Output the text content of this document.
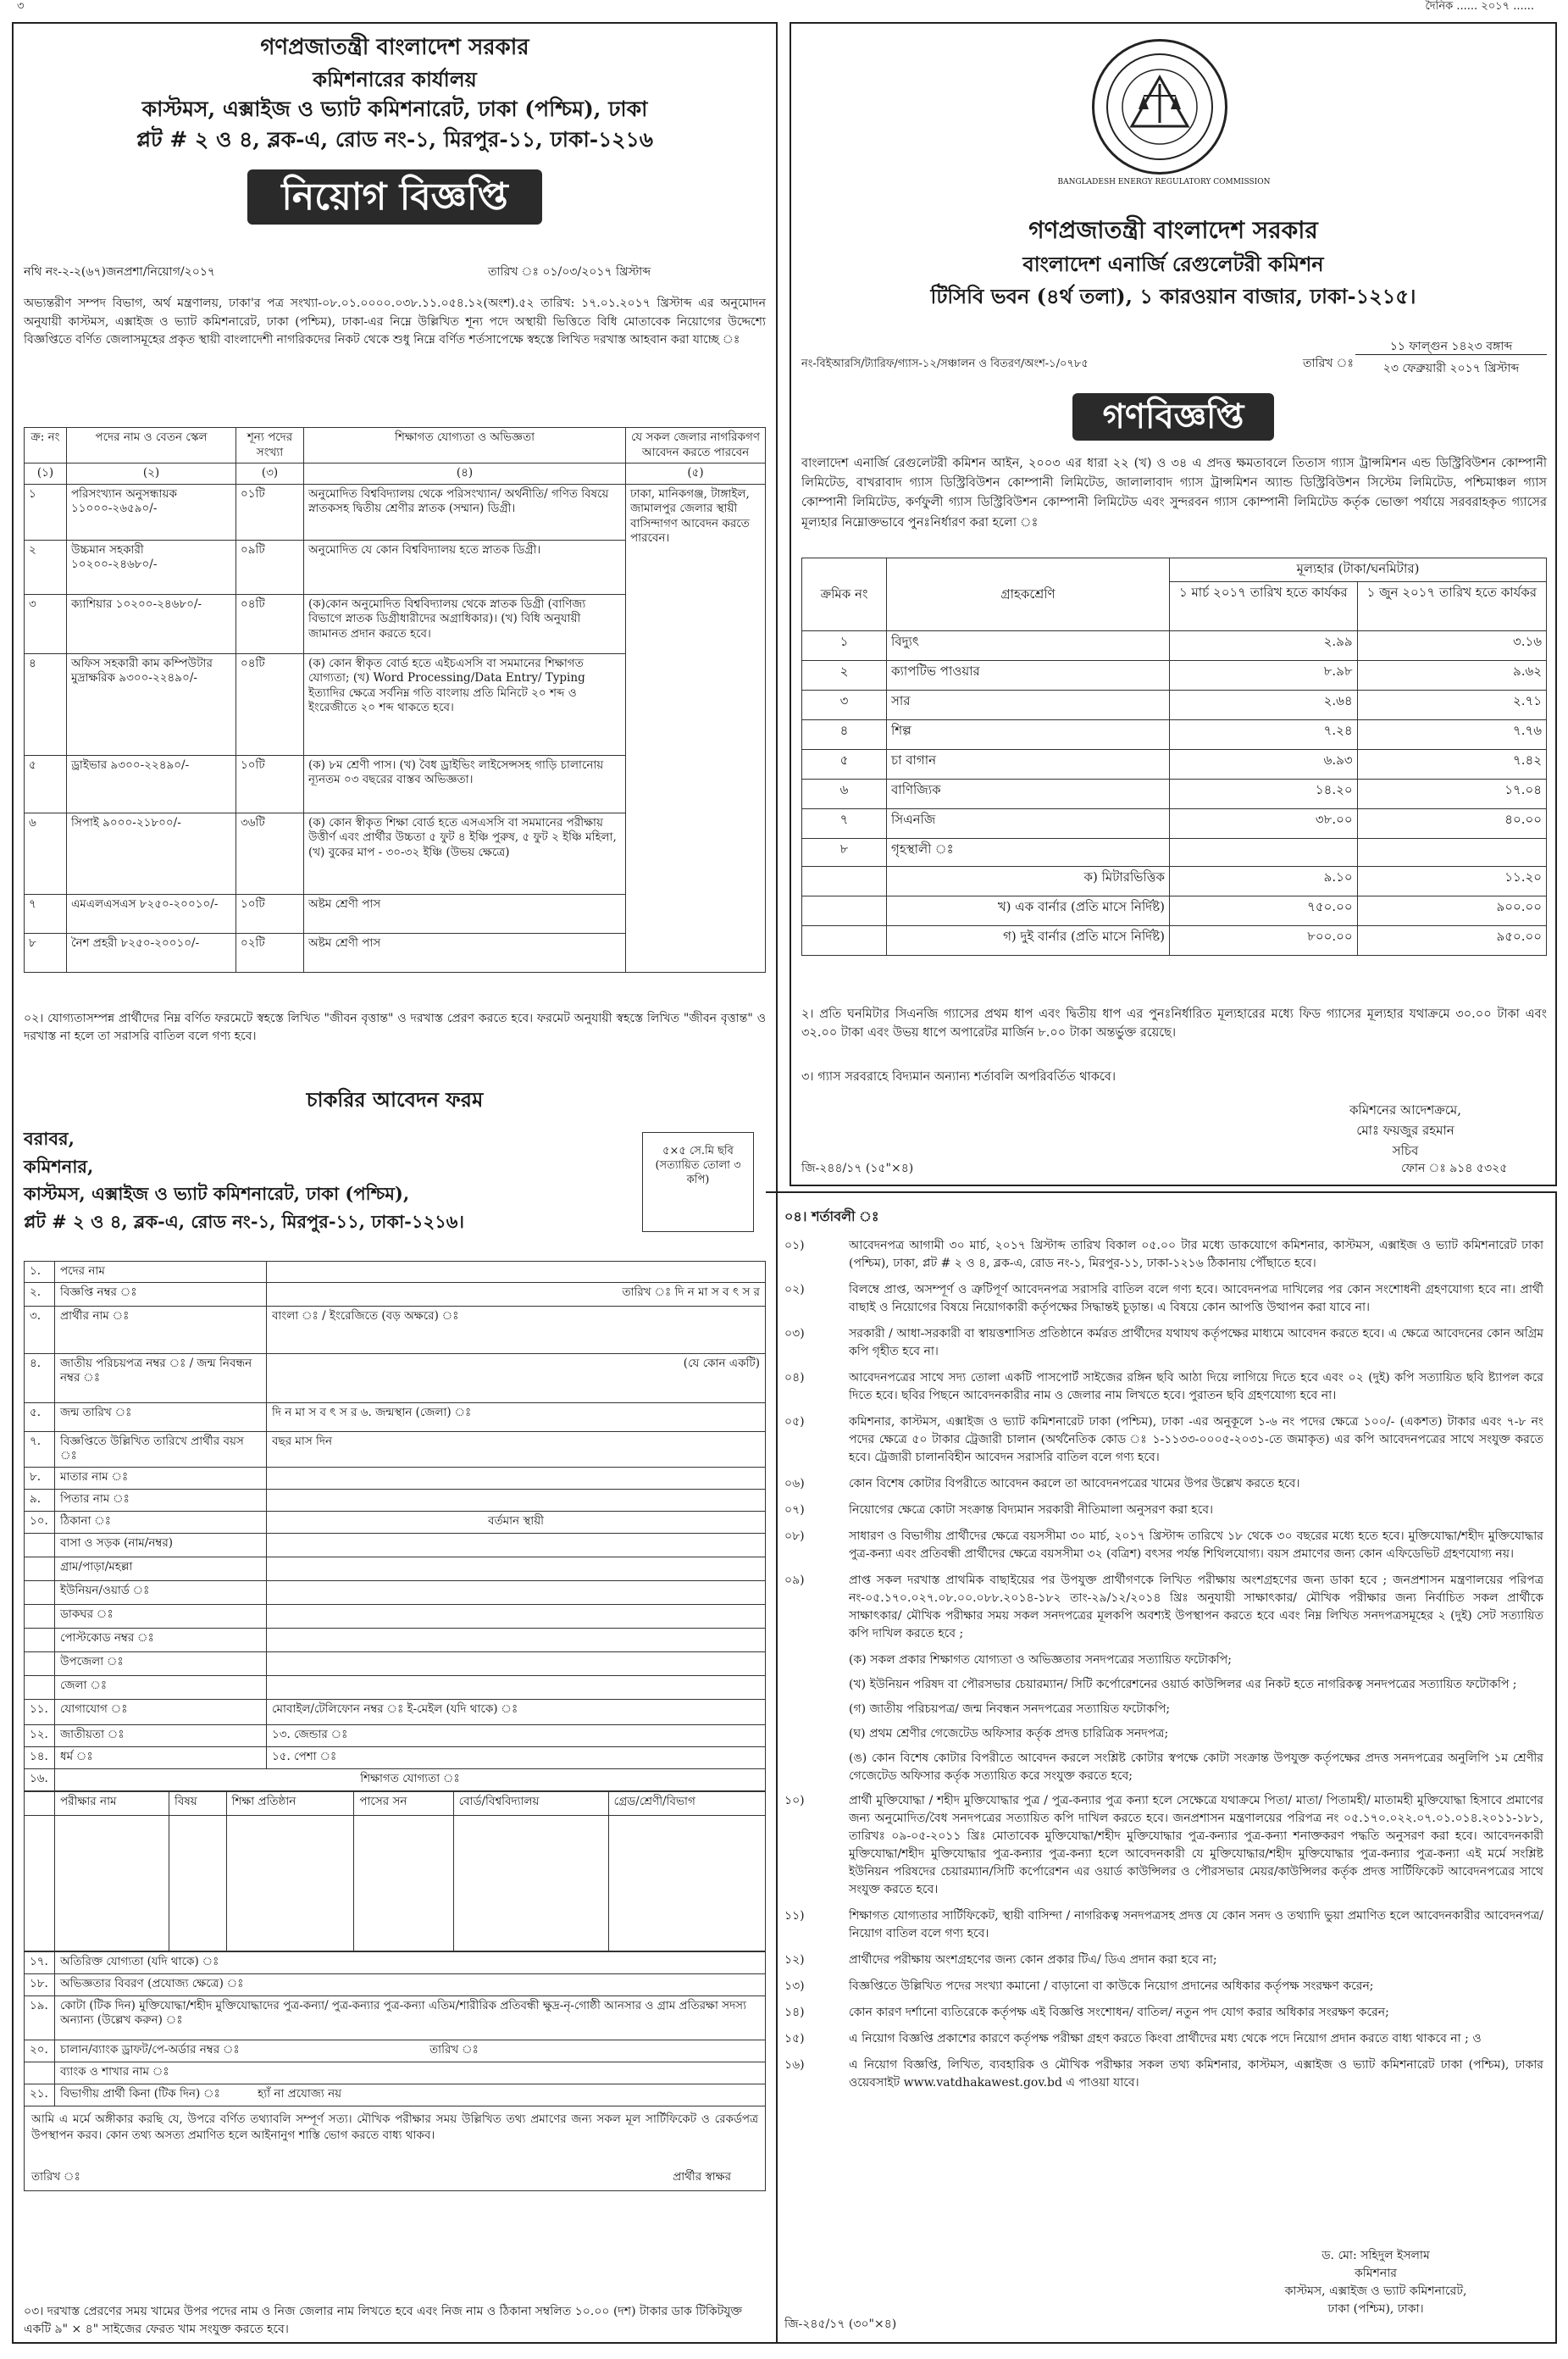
৩	দৈনিক ...... ২০১৭ ......
গণপ্রজাতন্ত্রী বাংলাদেশ সরকার
কমিশনারের কার্যালয়
কাস্টমস, এক্সাইজ ও ভ্যাট কমিশনারেট, ঢাকা (পশ্চিম), ঢাকা
প্লট # ২ ও ৪, ব্লক-এ, রোড নং-১, মিরপুর-১১, ঢাকা-১২১৬
নিয়োগ বিজ্ঞপ্তি
নথি নং-২-২(৬৭)জনপ্রশা/নিয়োগ/২০১৭	তারিখ ঃ ০১/০৩/২০১৭ খ্রিস্টাব্দ
অভ্যন্তরীণ সম্পদ বিভাগ, অর্থ মন্ত্রণালয়, ঢাকা'র পত্র সংখ্যা-০৮.০১.০০০০.০৩৮.১১.০৫৪.১২(অংশ).৫২ তারিখ: ১৭.০১.২০১৭ খ্রিস্টাব্দ এর অনুমোদন অনুযায়ী কাস্টমস, এক্সাইজ ও ভ্যাট কমিশনারেট, ঢাকা (পশ্চিম), ঢাকা-এর নিম্নে উল্লিখিত শূন্য পদে অস্থায়ী ভিত্তিতে বিধি মোতাবেক নিয়োগের উদ্দেশ্যে বিজ্ঞপ্তিতে বর্ণিত জেলাসমূহের প্রকৃত স্থায়ী বাংলাদেশী নাগরিকদের নিকট থেকে শুধু নিম্নে বর্ণিত শর্তসাপেক্ষে স্বহস্তে লিখিত দরখাস্ত আহবান করা যাচ্ছে ঃ
ক্র: নং	পদের নাম ও বেতন স্কেল	শূন্য পদের সংখ্যা	শিক্ষাগত যোগ্যতা ও অভিজ্ঞতা	যে সকল জেলার নাগরিকগণ আবেদন করতে পারবেন
(১)	(২)	(৩)	(৪)	(৫)
১	পরিসংখ্যান অনুসন্ধায়ক ১১০০০-২৬৫৯০/-	০১টি	অনুমোদিত বিশ্ববিদ্যালয় থেকে পরিসংখ্যান/ অর্থনীতি/ গণিত বিষয়ে স্নাতকসহ দ্বিতীয় শ্রেণীর স্নাতক (সম্মান) ডিগ্রী।	ঢাকা, মানিকগঞ্জ, টাঙ্গাইল, জামালপুর জেলার স্থায়ী বাসিন্দাগণ আবেদন করতে পারবেন।
২	উচ্চমান সহকারী ১০২০০-২৪৬৮০/-	০৯টি	অনুমোদিত যে কোন বিশ্ববিদ্যালয় হতে স্নাতক ডিগ্রী।	
৩	ক্যাশিয়ার ১০২০০-২৪৬৮০/-	০৪টি	(ক)কোন অনুমোদিত বিশ্ববিদ্যালয় থেকে স্নাতক ডিগ্রী (বাণিজ্য বিভাগে স্নাতক ডিগ্রীধারীদের অগ্রাধিকার)। (খ) বিধি অনুযায়ী জামানত প্রদান করতে হবে।	
৪	অফিস সহকারী কাম কম্পিউটার মুদ্রাক্ষরিক ৯৩০০-২২৪৯০/-	০৪টি	(ক) কোন স্বীকৃত বোর্ড হতে এইচএসসি বা সমমানের শিক্ষাগত যোগ্যতা; (খ) Word Processing/Data Entry/ Typing ইত্যাদির ক্ষেত্রে সর্বনিম্ন গতি বাংলায় প্রতি মিনিটে ২০ শব্দ ও ইংরেজীতে ২০ শব্দ থাকতে হবে।	
৫	ড্রাইভার ৯৩০০-২২৪৯০/-	১০টি	(ক) ৮ম শ্রেণী পাস। (খ) বৈধ ড্রাইভিং লাইসেন্সসহ গাড়ি চালানোয় ন্যূনতম ০৩ বছরের বাস্তব অভিজ্ঞতা।	
৬	সিপাই ৯০০০-২১৮০০/-	৩৬টি	(ক) কোন স্বীকৃত শিক্ষা বোর্ড হতে এসএসসি বা সমমানের পরীক্ষায় উত্তীর্ণ এবং প্রার্থীর উচ্চতা ৫ ফুট ৪ ইঞ্চি পুরুষ, ৫ ফুট ২ ইঞ্চি মহিলা, (খ) বুকের মাপ - ৩০-৩২ ইঞ্চি (উভয় ক্ষেত্রে)	
৭	এমএলএসএস ৮২৫০-২০০১০/-	১০টি	অষ্টম শ্রেণী পাস	
৮	নৈশ প্রহরী ৮২৫০-২০০১০/-	০২টি	অষ্টম শ্রেণী পাস	
০২। যোগ্যতাসম্পন্ন প্রার্থীদের নিম্ন বর্ণিত ফরমেটে স্বহস্তে লিখিত "জীবন বৃত্তান্ত" ও দরখাস্ত প্রেরণ করতে হবে। ফরমেট অনুযায়ী স্বহস্তে লিখিত "জীবন বৃত্তান্ত" ও দরখাস্ত না হলে তা সরাসরি বাতিল বলে গণ্য হবে।
চাকরির আবেদন ফরম
বরাবর,
কমিশনার,
কাস্টমস, এক্সাইজ ও ভ্যাট কমিশনারেট, ঢাকা (পশ্চিম),
প্লট # ২ ও ৪, ব্লক-এ, রোড নং-১, মিরপুর-১১, ঢাকা-১২১৬।
৫×৫ সে.মি ছবি (সত্যায়িত তোলা ৩ কপি)
১.	পদের নাম	
২.	বিজ্ঞপ্তি নম্বর ঃ	তারিখ ঃ দি ন মা স ব ৎ স র
৩.	প্রার্থীর নাম ঃ	বাংলা ঃ / ইংরেজিতে (বড় অক্ষরে) ঃ
৪.	জাতীয় পরিচয়পত্র নম্বর ঃ / জন্ম নিবন্ধন নম্বর ঃ	(যে কোন একটি)
৫.	জন্ম তারিখ ঃ	দি ন মা স ব ৎ স র ৬. জন্মস্থান (জেলা) ঃ
৭.	বিজ্ঞপ্তিতে উল্লিখিত তারিখে প্রার্থীর বয়স ঃ	বছর মাস দিন
৮.	মাতার নাম ঃ	
৯.	পিতার নাম ঃ	
১০.	ঠিকানা ঃ	বর্তমান স্থায়ী
	বাসা ও সড়ক (নাম/নম্বর)	
	গ্রাম/পাড়া/মহল্লা	
	ইউনিয়ন/ওয়ার্ড ঃ	
	ডাকঘর ঃ	
	পোস্টকোড নম্বর ঃ	
	উপজেলা ঃ	
	জেলা ঃ	
১১.	যোগাযোগ ঃ	মোবাইল/টেলিফোন নম্বর ঃ ই-মেইল (যদি থাকে) ঃ
১২.	জাতীয়তা ঃ	১৩. জেন্ডার ঃ
১৪.	ধর্ম ঃ	১৫. পেশা ঃ
১৬.	শিক্ষাগত যোগ্যতা ঃ	
	পরীক্ষার নাম	বিষয়	শিক্ষা প্রতিষ্ঠান	পাসের সন	বোর্ড/বিশ্ববিদ্যালয়	গ্রেড/শ্রেণী/বিভাগ

১৭.	অতিরিক্ত যোগ্যতা (যদি থাকে) ঃ
১৮.	অভিজ্ঞতার বিবরণ (প্রযোজ্য ক্ষেত্রে) ঃ
১৯.	কোটা (টিক দিন) মুক্তিযোদ্ধা/শহীদ মুক্তিযোদ্ধাদের পুত্র-কন্যা/ পুত্র-কন্যার পুত্র-কন্যা এতিম/শারীরিক প্রতিবন্ধী ক্ষুদ্র-নৃ-গোষ্ঠী আনসার ও গ্রাম প্রতিরক্ষা সদস্য অন্যান্য (উল্লেখ করুন) ঃ
২০.	চালান/ব্যাংক ড্রাফট/পে-অর্ডার নম্বর ঃ তারিখ ঃ
	ব্যাংক ও শাখার নাম ঃ
২১.	বিভাগীয় প্রার্থী কিনা (টিক দিন) ঃ হ্যাঁ না প্রযোজ্য নয়
আমি এ মর্মে অঙ্গীকার করছি যে, উপরে বর্ণিত তথ্যাবলি সম্পূর্ণ সত্য। মৌখিক পরীক্ষার সময় উল্লিখিত তথ্য প্রমাণের জন্য সকল মূল সার্টিফিকেট ও রেকর্ডপত্র উপস্থাপন করব। কোন তথ্য অসত্য প্রমাণিত হলে আইনানুগ শাস্তি ভোগ করতে বাধ্য থাকব।
তারিখ ঃ	প্রার্থীর স্বাক্ষর
০৩। দরখাস্ত প্রেরণের সময় খামের উপর পদের নাম ও নিজ জেলার নাম লিখতে হবে এবং নিজ নাম ও ঠিকানা সম্বলিত ১০.০০ (দশ) টাকার ডাক টিকিটযুক্ত একটি ৯" × ৪" সাইজের ফেরত খাম সংযুক্ত করতে হবে।
BANGLADESH ENERGY REGULATORY COMMISSION
গণপ্রজাতন্ত্রী বাংলাদেশ সরকার
বাংলাদেশ এনার্জি রেগুলেটরী কমিশন
টিসিবি ভবন (৪র্থ তলা), ১ কারওয়ান বাজার, ঢাকা-১২১৫।
নং-বিইআরসি/ট্যারিফ/গ্যাস-১২/সঞ্চালন ও বিতরণ/অংশ-১/০৭৮৫	তারিখ ঃ
১১ ফাল্গুন ১৪২৩ বঙ্গাব্দ
২৩ ফেব্রুয়ারী ২০১৭ খ্রিস্টাব্দ
গণবিজ্ঞপ্তি
বাংলাদেশ এনার্জি রেগুলেটরী কমিশন আইন, ২০০৩ এর ধারা ২২ (খ) ও ৩৪ এ প্রদত্ত ক্ষমতাবলে তিতাস গ্যাস ট্রান্সমিশন এন্ড ডিস্ট্রিবিউশন কোম্পানী লিমিটেড, বাখরাবাদ গ্যাস ডিস্ট্রিবিউশন কোম্পানী লিমিটেড, জালালাবাদ গ্যাস ট্রান্সমিশন অ্যান্ড ডিস্ট্রিবিউশন সিস্টেম লিমিটেড, পশ্চিমাঞ্চল গ্যাস কোম্পানী লিমিটেড, কর্ণফুলী গ্যাস ডিস্ট্রিবিউশন কোম্পানী লিমিটেড এবং সুন্দরবন গ্যাস কোম্পানী লিমিটেড কর্তৃক ভোক্তা পর্যায়ে সরবরাহকৃত গ্যাসের মূল্যহার নিম্নোক্তভাবে পুনঃনির্ধারণ করা হলো ঃ
ক্রমিক নং	গ্রাহকশ্রেণি	মূল্যহার (টাকা/ঘনমিটার)	
		১ মার্চ ২০১৭ তারিখ হতে কার্যকর	১ জুন ২০১৭ তারিখ হতে কার্যকর
১	বিদ্যুৎ	২.৯৯	৩.১৬
২	ক্যাপটিভ পাওয়ার	৮.৯৮	৯.৬২
৩	সার	২.৬৪	২.৭১
৪	শিল্প	৭.২৪	৭.৭৬
৫	চা বাগান	৬.৯৩	৭.৪২
৬	বাণিজ্যিক	১৪.২০	১৭.০৪
৭	সিএনজি	৩৮.০০	৪০.০০
৮	গৃহস্থালী ঃ		
	ক) মিটারভিত্তিক	৯.১০	১১.২০
	খ) এক বার্নার (প্রতি মাসে নির্দিষ্ট)	৭৫০.০০	৯০০.০০
	গ) দুই বার্নার (প্রতি মাসে নির্দিষ্ট)	৮০০.০০	৯৫০.০০
২। প্রতি ঘনমিটার সিএনজি গ্যাসের প্রথম ধাপ এবং দ্বিতীয় ধাপ এর পুনঃনির্ধারিত মূল্যহারের মধ্যে ফিড গ্যাসের মূল্যহার যথাক্রমে ৩০.০০ টাকা এবং ৩২.০০ টাকা এবং উভয় ধাপে অপারেটর মার্জিন ৮.০০ টাকা অন্তর্ভুক্ত রয়েছে।
৩। গ্যাস সরবরাহে বিদ্যমান অন্যান্য শর্তাবলি অপরিবর্তিত থাকবে।
কমিশনের আদেশক্রমে,
মোঃ ফয়জুর রহমান
সচিব
জি-২৪৪/১৭ (১৫"×৪)	ফোন ঃ ৯১৪ ৫৩২৫
০৪। শর্তাবলী ঃ
০১)	আবেদনপত্র আগামী ৩০ মার্চ, ২০১৭ খ্রিস্টাব্দ তারিখ বিকাল ০৫.০০ টার মধ্যে ডাকযোগে কমিশনার, কাস্টমস, এক্সাইজ ও ভ্যাট কমিশনারেট ঢাকা (পশ্চিম), ঢাকা, প্লট # ২ ও ৪, ব্লক-এ, রোড নং-১, মিরপুর-১১, ঢাকা-১২১৬ ঠিকানায় পৌঁছাতে হবে।
০২)	বিলম্বে প্রাপ্ত, অসম্পূর্ণ ও ত্রুটিপূর্ণ আবেদনপত্র সরাসরি বাতিল বলে গণ্য হবে। আবেদনপত্র দাখিলের পর কোন সংশোধনী গ্রহণযোগ্য হবে না। প্রার্থী বাছাই ও নিয়োগের বিষয়ে নিয়োগকারী কর্তৃপক্ষের সিদ্ধান্তই চূড়ান্ত। এ বিষয়ে কোন আপত্তি উত্থাপন করা যাবে না।
০৩)	সরকারী / আধা-সরকারী বা স্বায়ত্তশাসিত প্রতিষ্ঠানে কর্মরত প্রার্থীদের যথাযথ কর্তৃপক্ষের মাধ্যমে আবেদন করতে হবে। এ ক্ষেত্রে আবেদনের কোন অগ্রিম কপি গৃহীত হবে না।
০৪)	আবেদনপত্রের সাথে সদ্য তোলা একটি পাসপোর্ট সাইজের রঙ্গিন ছবি আঠা দিয়ে লাগিয়ে দিতে হবে এবং ০২ (দুই) কপি সত্যায়িত ছবি ষ্ট্যাপল করে দিতে হবে। ছবির পিছনে আবেদনকারীর নাম ও জেলার নাম লিখতে হবে। পুরাতন ছবি গ্রহণযোগ্য হবে না।
০৫)	কমিশনার, কাস্টমস, এক্সাইজ ও ভ্যাট কমিশনারেট ঢাকা (পশ্চিম), ঢাকা -এর অনুকূলে ১-৬ নং পদের ক্ষেত্রে ১০০/- (একশত) টাকার এবং ৭-৮ নং পদের ক্ষেত্রে ৫০ টাকার ট্রেজারী চালান (অর্থনৈতিক কোড ঃ ১-১১৩৩-০০০৫-২০৩১-তে জমাকৃত) এর কপি আবেদনপত্রের সাথে সংযুক্ত করতে হবে। ট্রেজারী চালানবিহীন আবেদন সরাসরি বাতিল বলে গণ্য হবে।
০৬)	কোন বিশেষ কোটার বিপরীতে আবেদন করলে তা আবেদনপত্রের খামের উপর উল্লেখ করতে হবে।
০৭)	নিয়োগের ক্ষেত্রে কোটা সংক্রান্ত বিদ্যমান সরকারী নীতিমালা অনুসরণ করা হবে।
০৮)	সাধারণ ও বিভাগীয় প্রার্থীদের ক্ষেত্রে বয়সসীমা ৩০ মার্চ, ২০১৭ খ্রিস্টাব্দ তারিখে ১৮ থেকে ৩০ বছরের মধ্যে হতে হবে। মুক্তিযোদ্ধা/শহীদ মুক্তিযোদ্ধার পুত্র-কন্যা এবং প্রতিবন্ধী প্রার্থীদের ক্ষেত্রে বয়সসীমা ৩২ (বত্রিশ) বৎসর পর্যন্ত শিথিলযোগ্য। বয়স প্রমাণের জন্য কোন এফিডেভিট গ্রহণযোগ্য নয়।
০৯)	প্রাপ্ত সকল দরখাস্ত প্রাথমিক বাছাইয়ের পর উপযুক্ত প্রার্থীগণকে লিখিত পরীক্ষায় অংশগ্রহণের জন্য ডাকা হবে ; জনপ্রশাসন মন্ত্রণালয়ের পরিপত্র নং-০৫.১৭০.০২৭.০৮.০০.০৮৮.২০১৪-১৮২ তাং-২৯/১২/২০১৪ খ্রিঃ অনুযায়ী সাক্ষাৎকার/ মৌখিক পরীক্ষার জন্য নির্বাচিত সকল প্রার্থীকে সাক্ষাৎকার/ মৌখিক পরীক্ষার সময় সকল সনদপত্রের মূলকপি অবশ্যই উপস্থাপন করতে হবে এবং নিম্ন লিখিত সনদপত্রসমূহের ২ (দুই) সেট সত্যায়িত কপি দাখিল করতে হবে ;
(ক) সকল প্রকার শিক্ষাগত যোগ্যতা ও অভিজ্ঞতার সনদপত্রের সত্যায়িত ফটোকপি;
(খ) ইউনিয়ন পরিষদ বা পৌরসভার চেয়ারম্যান/ সিটি কর্পোরেশনের ওয়ার্ড কাউন্সিলর এর নিকট হতে নাগরিকত্ব সনদপত্রের সত্যায়িত ফটোকপি ;
(গ) জাতীয় পরিচয়পত্র/ জন্ম নিবন্ধন সনদপত্রের সত্যায়িত ফটোকপি;
(ঘ) প্রথম শ্রেণীর গেজেটেড অফিসার কর্তৃক প্রদত্ত চারিত্রিক সনদপত্র;
(ঙ) কোন বিশেষ কোটার বিপরীতে আবেদন করলে সংশ্লিষ্ট কোটার স্বপক্ষে কোটা সংক্রান্ত উপযুক্ত কর্তৃপক্ষের প্রদত্ত সনদপত্রের অনুলিপি ১ম শ্রেণীর গেজেটেড অফিসার কর্তৃক সত্যায়িত করে সংযুক্ত করতে হবে;
১০)	প্রার্থী মুক্তিযোদ্ধা / শহীদ মুক্তিযোদ্ধার পুত্র / পুত্র-কন্যার পুত্র কন্যা হলে সেক্ষেত্রে যথাক্রমে পিতা/ মাতা/ পিতামহী/ মাতামহী মুক্তিযোদ্ধা হিসাবে প্রমাণের জন্য অনুমোদিত/বৈধ সনদপত্রের সত্যায়িত কপি দাখিল করতে হবে। জনপ্রশাসন মন্ত্রণালয়ের পরিপত্র নং ০৫.১৭০.০২২.০৭.০১.০১৪.২০১১-১৮১, তারিখঃ ০৯-০৫-২০১১ খ্রিঃ মোতাবেক মুক্তিযোদ্ধা/শহীদ মুক্তিযোদ্ধার পুত্র-কন্যার পুত্র-কন্যা শনাক্তকরণ পদ্ধতি অনুসরণ করা হবে। আবেদনকারী মুক্তিযোদ্ধা/শহীদ মুক্তিযোদ্ধার পুত্র-কন্যার পুত্র-কন্যা হলে আবেদনকারী যে মুক্তিযোদ্ধার/শহীদ মুক্তিযোদ্ধার পুত্র-কন্যার পুত্র-কন্যা এই মর্মে সংশ্লিষ্ট ইউনিয়ন পরিষদের চেয়ারম্যান/সিটি কর্পোরেশন এর ওয়ার্ড কাউন্সিলর ও পৌরসভার মেয়র/কাউন্সিলর কর্তৃক প্রদত্ত সার্টিফিকেট আবেদনপত্রের সাথে সংযুক্ত করতে হবে।
১১)	শিক্ষাগত যোগ্যতার সার্টিফিকেট, স্থায়ী বাসিন্দা / নাগরিকত্ব সনদপত্রসহ প্রদত্ত যে কোন সনদ ও তথ্যাদি ভুয়া প্রমাণিত হলে আবেদনকারীর আবেদনপত্র/ নিয়োগ বাতিল বলে গণ্য হবে।
১২)	প্রার্থীদের পরীক্ষায় অংশগ্রহণের জন্য কোন প্রকার টিএ/ ডিএ প্রদান করা হবে না;
১৩)	বিজ্ঞপ্তিতে উল্লিখিত পদের সংখ্যা কমানো / বাড়ানো বা কাউকে নিয়োগ প্রদানের অধিকার কর্তৃপক্ষ সংরক্ষণ করেন;
১৪)	কোন কারণ দর্শানো ব্যতিরেকে কর্তৃপক্ষ এই বিজ্ঞপ্তি সংশোধন/ বাতিল/ নতুন পদ যোগ করার অধিকার সংরক্ষণ করেন;
১৫)	এ নিয়োগ বিজ্ঞপ্তি প্রকাশের কারণে কর্তৃপক্ষ পরীক্ষা গ্রহণ করতে কিংবা প্রার্থীদের মধ্য থেকে পদে নিয়োগ প্রদান করতে বাধ্য থাকবে না ; ও
১৬)	এ নিয়োগ বিজ্ঞপ্তি, লিখিত, ব্যবহারিক ও মৌখিক পরীক্ষার সকল তথ্য কমিশনার, কাস্টমস, এক্সাইজ ও ভ্যাট কমিশনারেট ঢাকা (পশ্চিম), ঢাকার ওয়েবসাইট www.vatdhakawest.gov.bd এ পাওয়া যাবে।
ড. মো: সহিদুল ইসলাম
কমিশনার
কাস্টমস, এক্সাইজ ও ভ্যাট কমিশনারেট,
ঢাকা (পশ্চিম), ঢাকা।
জি-২৪৫/১৭ (৩০"×৪)
